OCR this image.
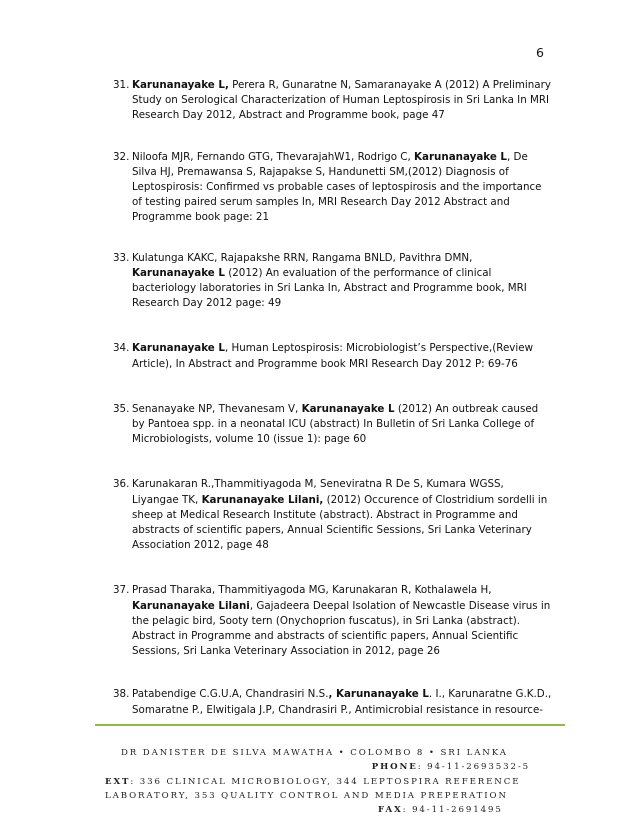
6
31. Karunanayake L, Perera R, Gunaratne N, Samaranayake A (2012) A Preliminary Study on Serological Characterization of Human Leptospirosis in Sri Lanka In MRI Research Day 2012, Abstract and Programme book, page 47
32. Niloofa MJR, Fernando GTG, ThevarajahW1, Rodrigo C, Karunanayake L, De Silva HJ, Premawansa S, Rajapakse S, Handunetti SM,(2012) Diagnosis of Leptospirosis: Confirmed vs probable cases of leptospirosis and the importance of testing paired serum samples In, MRI Research Day 2012 Abstract and Programme book page: 21
33. Kulatunga KAKC, Rajapakshe RRN, Rangama BNLD, Pavithra DMN, Karunanayake L (2012) An evaluation of the performance of clinical bacteriology laboratories in Sri Lanka In, Abstract and Programme book, MRI Research Day 2012 page: 49
34. Karunanayake L, Human Leptospirosis: Microbiologist’s Perspective,(Review Article), In Abstract and Programme book MRI Research Day 2012 P: 69-76
35. Senanayake NP, Thevanesam V, Karunanayake L (2012) An outbreak caused by Pantoea spp. in a neonatal ICU (abstract) In Bulletin of Sri Lanka College of Microbiologists, volume 10 (issue 1): page 60
36. Karunakaran R.,Thammitiyagoda M, Seneviratna R De S, Kumara WGSS, Liyangae TK, Karunanayake Lilani, (2012) Occurence of Clostridium sordelli in sheep at Medical Research Institute (abstract). Abstract in Programme and abstracts of scientific papers, Annual Scientific Sessions, Sri Lanka Veterinary Association 2012, page 48
37. Prasad Tharaka, Thammitiyagoda MG, Karunakaran R, Kothalawela H, Karunanayake Lilani, Gajadeera Deepal Isolation of Newcastle Disease virus in the pelagic bird, Sooty tern (Onychoprion fuscatus), in Sri Lanka (abstract). Abstract in Programme and abstracts of scientific papers, Annual Scientific Sessions, Sri Lanka Veterinary Association in 2012, page 26
38. Patabendige C.G.U.A, Chandrasiri N.S., Karunanayake L. I., Karunaratne G.K.D., Somaratne P., Elwitigala J.P, Chandrasiri P., Antimicrobial resistance in resource-
DR DANISTER DE SILVA MAWATHA • COLOMBO 8 • SRI LANKA
PHONE: 94-11-2693532-5
EXT: 336 CLINICAL MICROBIOLOGY, 344 LEPTOSPIRA REFERENCE
LABORATORY, 353 QUALITY CONTROL AND MEDIA PREPERATION
FAX: 94-11-2691495
